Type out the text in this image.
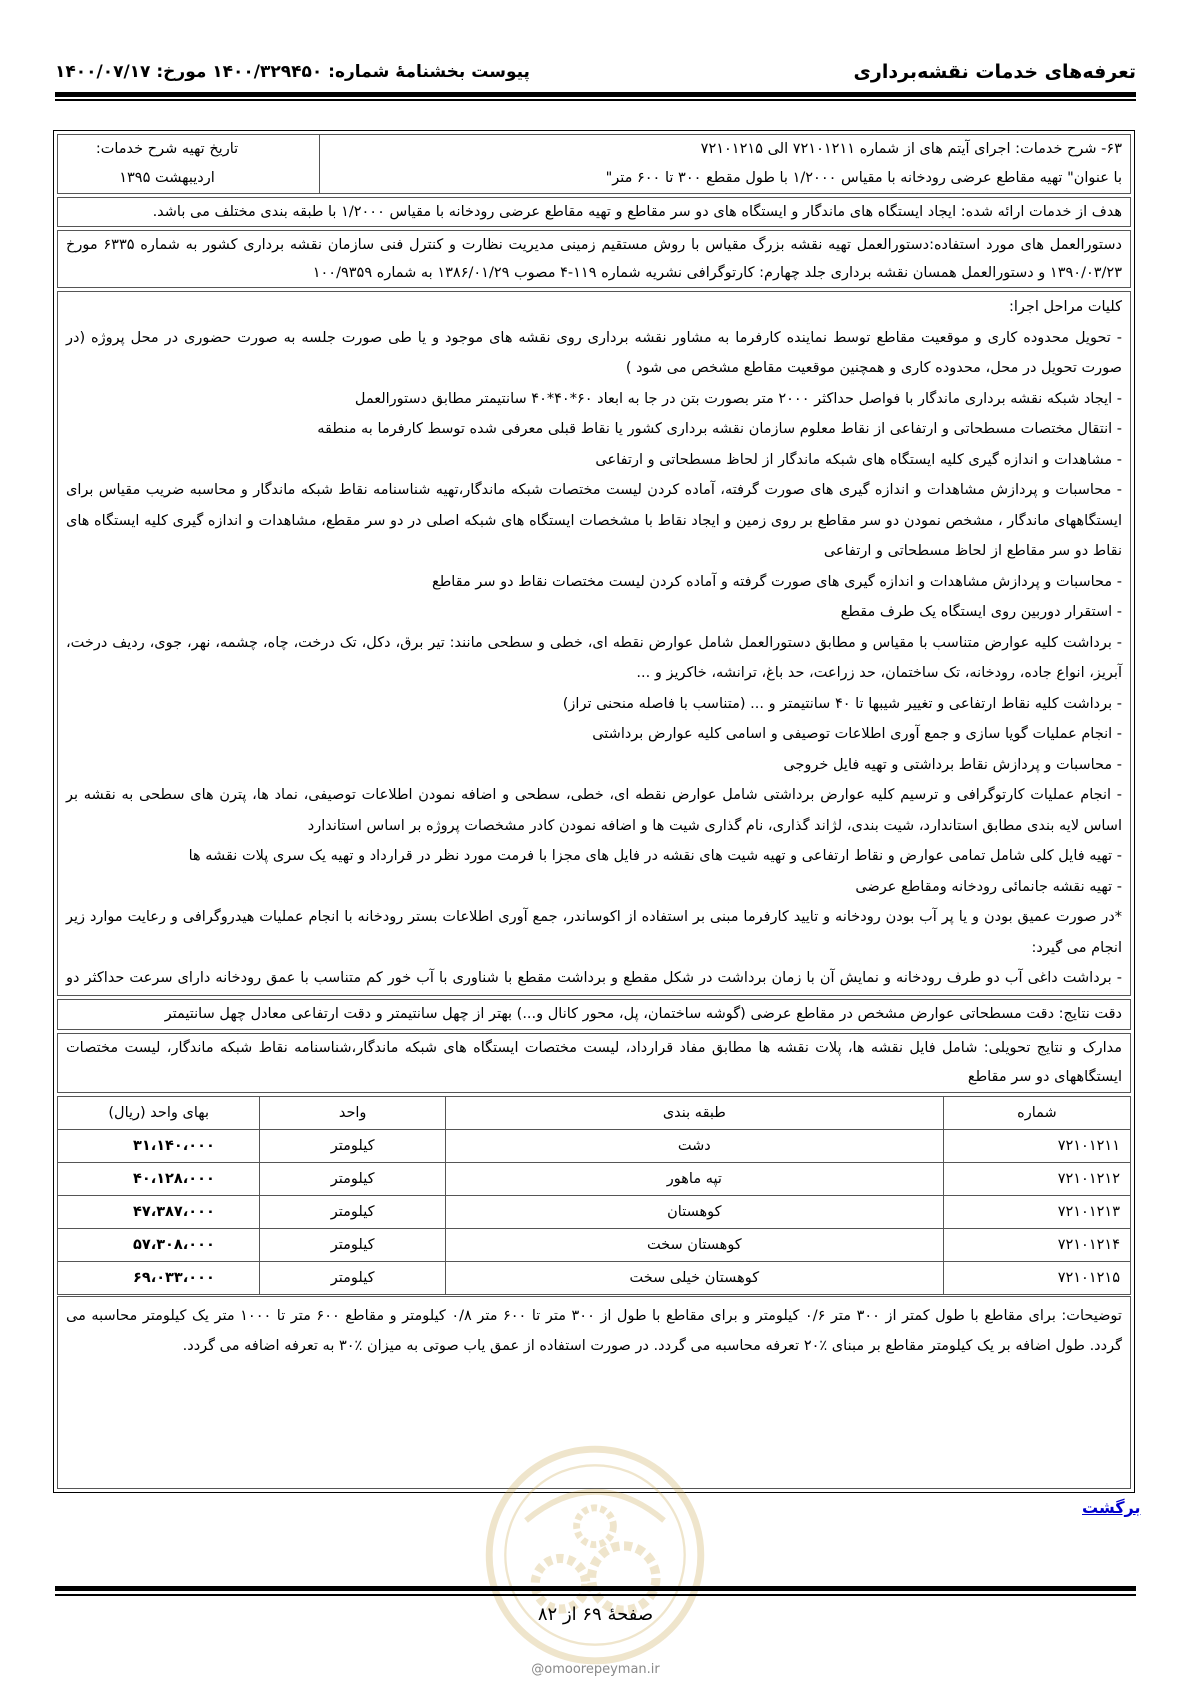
تعرفه‌های خدمات نقشه‌برداری
پیوست بخشنامۀ شماره: ۱۴۰۰/۳۲۹۴۵۰ مورخ: ۱۴۰۰/۰۷/۱۷
۶۳- شرح خدمات: اجرای آیتم های از شماره ۷۲۱۰۱۲۱۱ الی ۷۲۱۰۱۲۱۵
با عنوان" تهیه مقاطع عرضی رودخانه با مقیاس ۱/۲۰۰۰ با طول مقطع ۳۰۰ تا ۶۰۰ متر"
تاریخ تهیه شرح خدمات:
اردیبهشت ۱۳۹۵
هدف از خدمات ارائه شده: ایجاد ایستگاه های ماندگار و ایستگاه های دو سر مقاطع و تهیه مقاطع عرضی رودخانه با مقیاس ۱/۲۰۰۰ با طبقه بندی مختلف می باشد.
دستورالعمل های مورد استفاده:دستورالعمل تهیه نقشه بزرگ مقیاس با روش مستقیم زمینی مدیریت نظارت و کنترل فنی سازمان نقشه برداری کشور به شماره ۶۳۳۵ مورخ ۱۳۹۰/۰۳/۲۳ و دستورالعمل همسان نقشه برداری جلد چهارم: کارتوگرافی نشریه شماره ۱۱۹-۴ مصوب ۱۳۸۶/۰۱/۲۹ به شماره ۱۰۰/۹۳۵۹
کلیات مراحل اجرا:
- تحویل محدوده کاری و موقعیت مقاطع توسط نماینده کارفرما به مشاور نقشه برداری روی نقشه های موجود و یا طی صورت جلسه به صورت حضوری در محل پروژه (در صورت تحویل در محل، محدوده کاری و همچنین موقعیت مقاطع مشخص می شود )
- ایجاد شبکه نقشه برداری ماندگار با فواصل حداکثر ۲۰۰۰ متر بصورت بتن در جا به ابعاد ۶۰*۴۰*۴۰ سانتیمتر مطابق دستورالعمل
- انتقال مختصات مسطحاتی و ارتفاعی از نقاط معلوم سازمان نقشه برداری کشور یا نقاط قبلی معرفی شده توسط کارفرما به منطقه
- مشاهدات و اندازه گیری کلیه ایستگاه های شبکه ماندگار از لحاظ مسطحاتی و ارتفاعی
- محاسبات و پردازش مشاهدات و اندازه گیری های صورت گرفته، آماده کردن لیست مختصات شبکه ماندگار،تهیه شناسنامه نقاط شبکه ماندگار و محاسبه ضریب مقیاس برای ایستگاههای ماندگار ، مشخص نمودن دو سر مقاطع بر روی زمین و ایجاد نقاط با مشخصات ایستگاه های شبکه اصلی در دو سر مقطع، مشاهدات و اندازه گیری کلیه ایستگاه های نقاط دو سر مقاطع از لحاظ مسطحاتی و ارتفاعی
- محاسبات و پردازش مشاهدات و اندازه گیری های صورت گرفته و آماده کردن لیست مختصات نقاط دو سر مقاطع
- استقرار دوربین روی ایستگاه یک طرف مقطع
- برداشت کلیه عوارض متناسب با مقیاس و مطابق دستورالعمل شامل عوارض نقطه ای، خطی و سطحی مانند: تیر برق، دکل، تک درخت، چاه، چشمه، نهر، جوی، ردیف درخت، آبریز، انواع جاده، رودخانه، تک ساختمان، حد زراعت، حد باغ، ترانشه، خاکریز و ...
- برداشت کلیه نقاط ارتفاعی و تغییر شیبها تا ۴۰ سانتیمتر و ... (متناسب با فاصله منحنی تراز)
- انجام عملیات گویا سازی و جمع آوری اطلاعات توصیفی و اسامی کلیه عوارض برداشتی
- محاسبات و پردازش نقاط برداشتی و تهیه فایل خروجی
- انجام عملیات کارتوگرافی و ترسیم کلیه عوارض برداشتی شامل عوارض نقطه ای، خطی، سطحی و اضافه نمودن اطلاعات توصیفی، نماد ها، پترن های سطحی به نقشه بر اساس لایه بندی مطابق استاندارد، شیت بندی، لژاند گذاری، نام گذاری شیت ها و اضافه نمودن کادر مشخصات پروژه بر اساس استاندارد
- تهیه فایل کلی شامل تمامی عوارض و نقاط ارتفاعی و تهیه شیت های نقشه در فایل های مجزا با فرمت مورد نظر در قرارداد و تهیه یک سری پلات نقشه ها
- تهیه نقشه جانمائی رودخانه ومقاطع عرضی
*در صورت عمیق بودن و یا پر آب بودن رودخانه و تایید کارفرما مبنی بر استفاده از اکوساندر، جمع آوری اطلاعات بستر رودخانه با انجام عملیات هیدروگرافی و رعایت موارد زیر انجام می گیرد:
- برداشت داغی آب دو طرف رودخانه و نمایش آن با زمان برداشت در شکل مقطع و برداشت مقطع با شناوری با آب خور کم متناسب با عمق رودخانه دارای سرعت حداکثر دو
دقت نتایج: دقت مسطحاتی عوارض مشخص در مقاطع عرضی (گوشه ساختمان، پل، محور کانال و...) بهتر از چهل سانتیمتر و دقت ارتفاعی معادل چهل سانتیمتر
مدارک و نتایج تحویلی: شامل فایل نقشه ها، پلات نقشه ها مطابق مفاد قرارداد، لیست مختصات ایستگاه های شبکه ماندگار،شناسنامه نقاط شبکه ماندگار، لیست مختصات ایستگاههای دو سر مقاطع
شماره	طبقه بندی	واحد	بهای واحد (ریال)
۷۲۱۰۱۲۱۱	دشت	کیلومتر	۳۱،۱۴۰،۰۰۰
۷۲۱۰۱۲۱۲	تپه ماهور	کیلومتر	۴۰،۱۲۸،۰۰۰
۷۲۱۰۱۲۱۳	کوهستان	کیلومتر	۴۷،۳۸۷،۰۰۰
۷۲۱۰۱۲۱۴	کوهستان سخت	کیلومتر	۵۷،۳۰۸،۰۰۰
۷۲۱۰۱۲۱۵	کوهستان خیلی سخت	کیلومتر	۶۹،۰۳۳،۰۰۰
توضیحات: برای مقاطع با طول کمتر از ۳۰۰ متر ۰/۶ کیلومتر و برای مقاطع با طول از ۳۰۰ متر تا ۶۰۰ متر ۰/۸ کیلومتر و مقاطع ۶۰۰ متر تا ۱۰۰۰ متر یک کیلومتر محاسبه می گردد. طول اضافه بر یک کیلومتر مقاطع بر مبنای ٪۲۰ تعرفه محاسبه می گردد. در صورت استفاده از عمق یاب صوتی به میزان ٪۳۰ به تعرفه اضافه می گردد.
برگشت
صفحۀ ۶۹ از ۸۲
@omoorepeyman.ir
